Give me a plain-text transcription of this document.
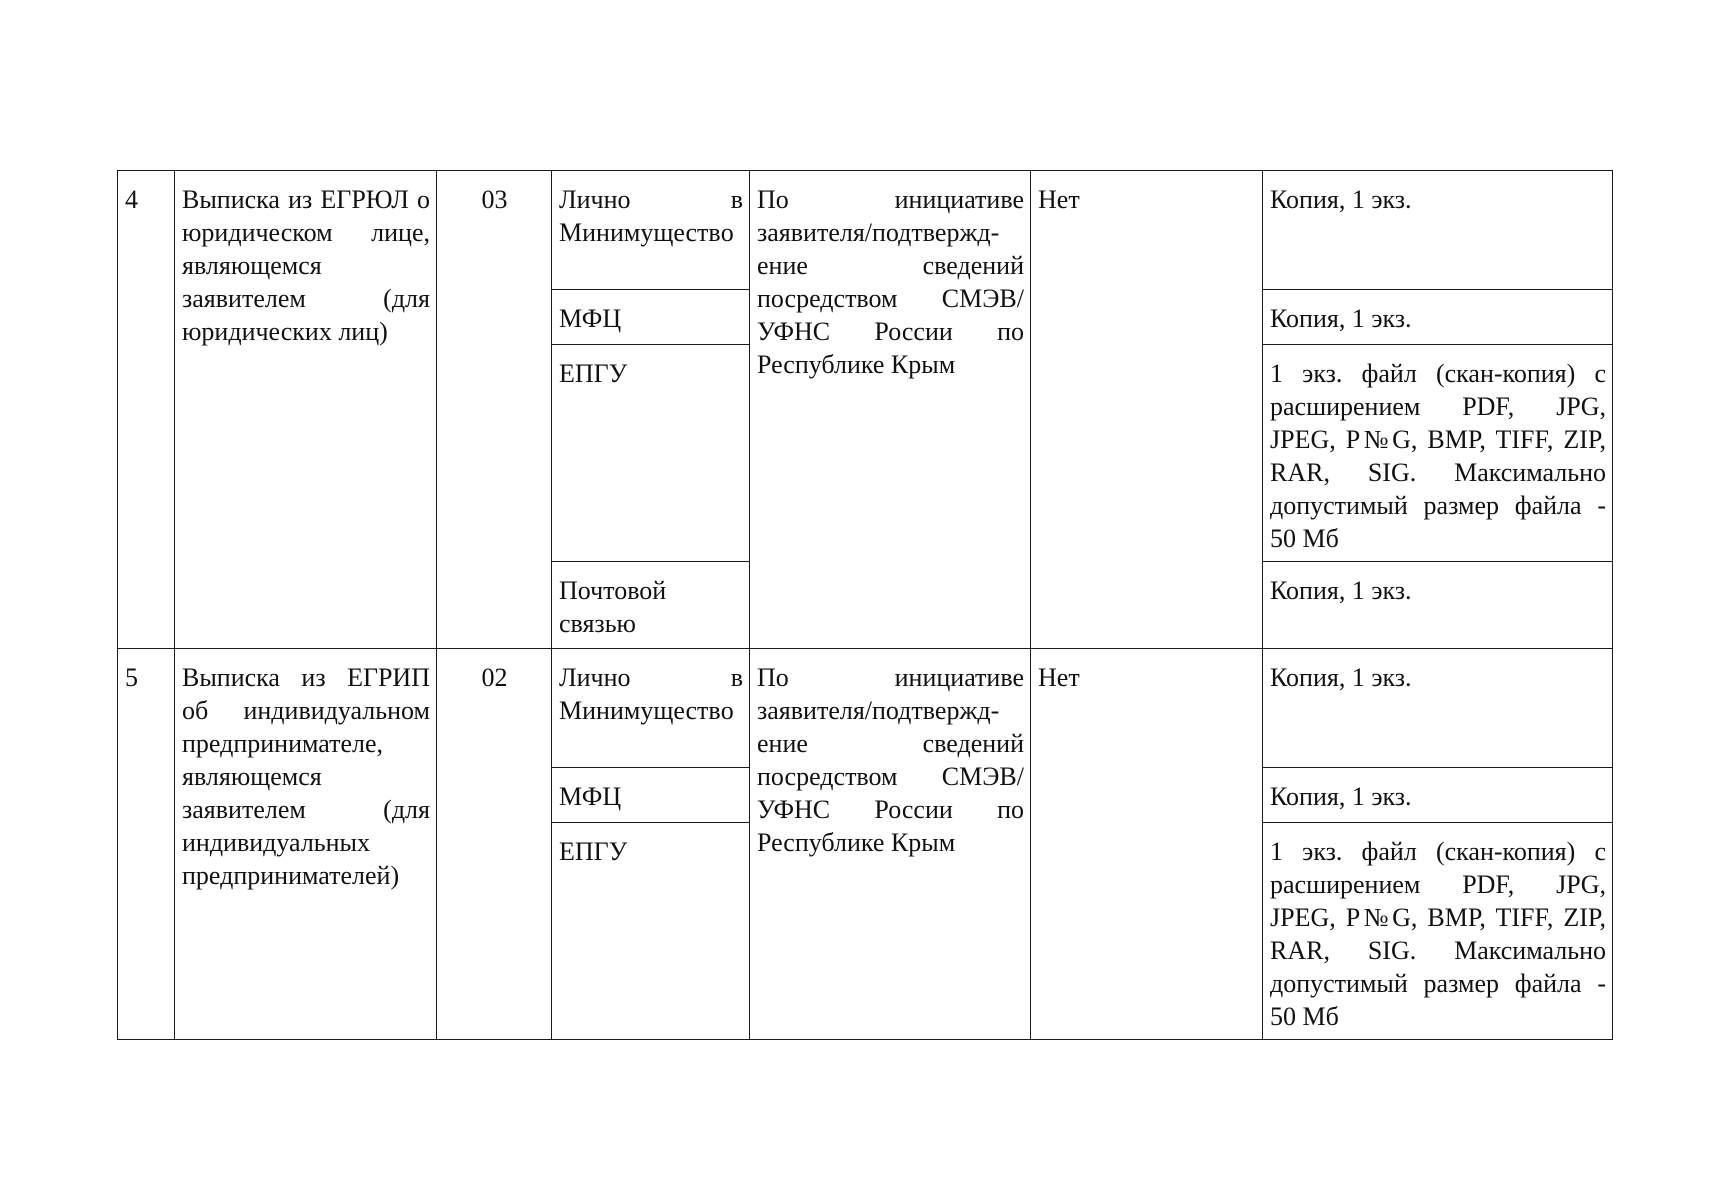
4	Выписка из ЕГРЮЛ о юридическом лице, являющемся заявителем (для юридических лиц)	03	Лично в Минимуществo	По инициативе заявителя/подтверждение сведений посредством СМЭВ/УФНС России по Республике Крым	Нет	Копия, 1 экз.
			МФЦ			Копия, 1 экз.
			ЕПГУ			1 экз. файл (скан-копия) с расширением PDF, JPG, JPEG, P№G, BMP, TIFF, ZIP, RAR, SIG. Максимально допустимый размер файла - 50 Мб
			Почтовой связью			Копия, 1 экз.
5	Выписка из ЕГРИП об индивидуальном предпринимателе, являющемся заявителем (для индивидуальных предпринимателей)	02	Лично в Минимуществo	По инициативе заявителя/подтверждение сведений посредством СМЭВ/УФНС России по Республике Крым	Нет	Копия, 1 экз.
			МФЦ			Копия, 1 экз.
			ЕПГУ			1 экз. файл (скан-копия) с расширением PDF, JPG, JPEG, P№G, BMP, TIFF, ZIP, RAR, SIG. Максимально допустимый размер файла - 50 Мб
